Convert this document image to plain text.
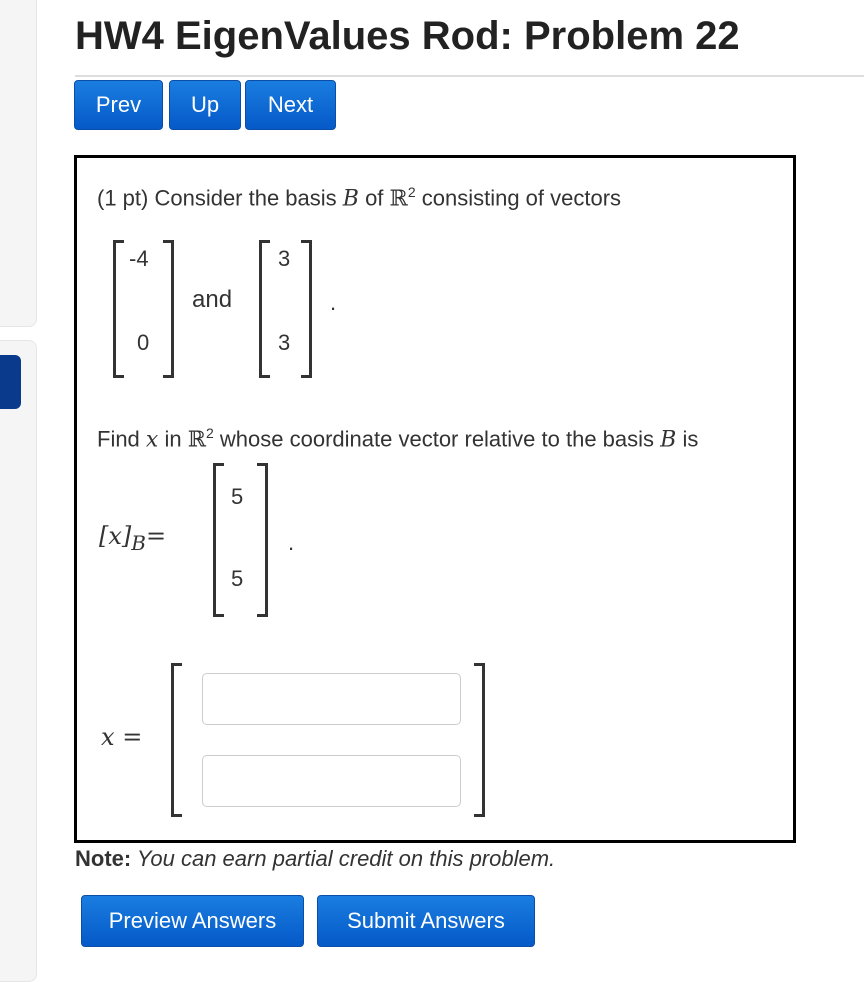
HW4 EigenValues Rod: Problem 22
Prev	Up	Next
(1 pt) Consider the basis B of ℝ$^2$ consisting of vectors
-4
0
and
3
3
.
Find x in ℝ$^2$ whose coordinate vector relative to the basis B is
$[x]_B=$
5
5
.
x =
Note: You can earn partial credit on this problem.
Preview Answers	Submit Answers
